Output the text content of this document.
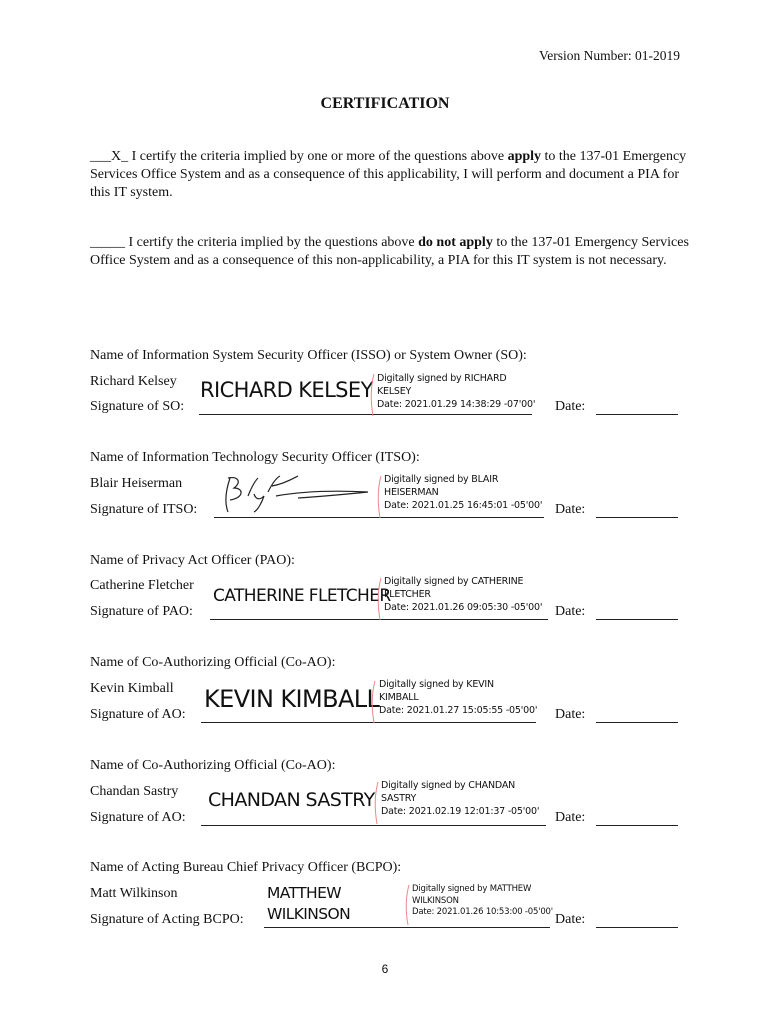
Version Number: 01-2019
CERTIFICATION
___X_ I certify the criteria implied by one or more of the questions above apply to the 137-01 Emergency Services Office System and as a consequence of this applicability, I will perform and document a PIA for this IT system.
_____ I certify the criteria implied by the questions above do not apply to the 137-01 Emergency Services Office System and as a consequence of this non-applicability, a PIA for this IT system is not necessary.
Name of Information System Security Officer (ISSO) or System Owner (SO):
Richard Kelsey
Signature of SO:
RICHARD KELSEY Digitally signed by RICHARD
KELSEY
Date: 2021.01.29 14:38:29 -07'00' Date:
Name of Information Technology Security Officer (ITSO):
Blair Heiserman
Signature of ITSO:
Digitally signed by BLAIR
HEISERMAN
Date: 2021.01.25 16:45:01 -05'00' Date:
Name of Privacy Act Officer (PAO):
Catherine Fletcher
Signature of PAO:
CATHERINE FLETCHER
Digitally signed by CATHERINE
FLETCHER
Date: 2021.01.26 09:05:30 -05'00' Date:
Name of Co-Authorizing Official (Co-AO):
Kevin Kimball
Signature of AO:
KEVIN KIMBALL
Digitally signed by KEVIN
KIMBALL
Date: 2021.01.27 15:05:55 -05'00' Date:
Name of Co-Authorizing Official (Co-AO):
Chandan Sastry
Signature of AO:
CHANDAN SASTRY
Digitally signed by CHANDAN
SASTRY
Date: 2021.02.19 12:01:37 -05'00' Date:
Name of Acting Bureau Chief Privacy Officer (BCPO):
Matt Wilkinson
Signature of Acting BCPO:
MATTHEW
WILKINSON
Digitally signed by MATTHEW
WILKINSON
Date: 2021.01.26 10:53:00 -05'00' Date:
6
